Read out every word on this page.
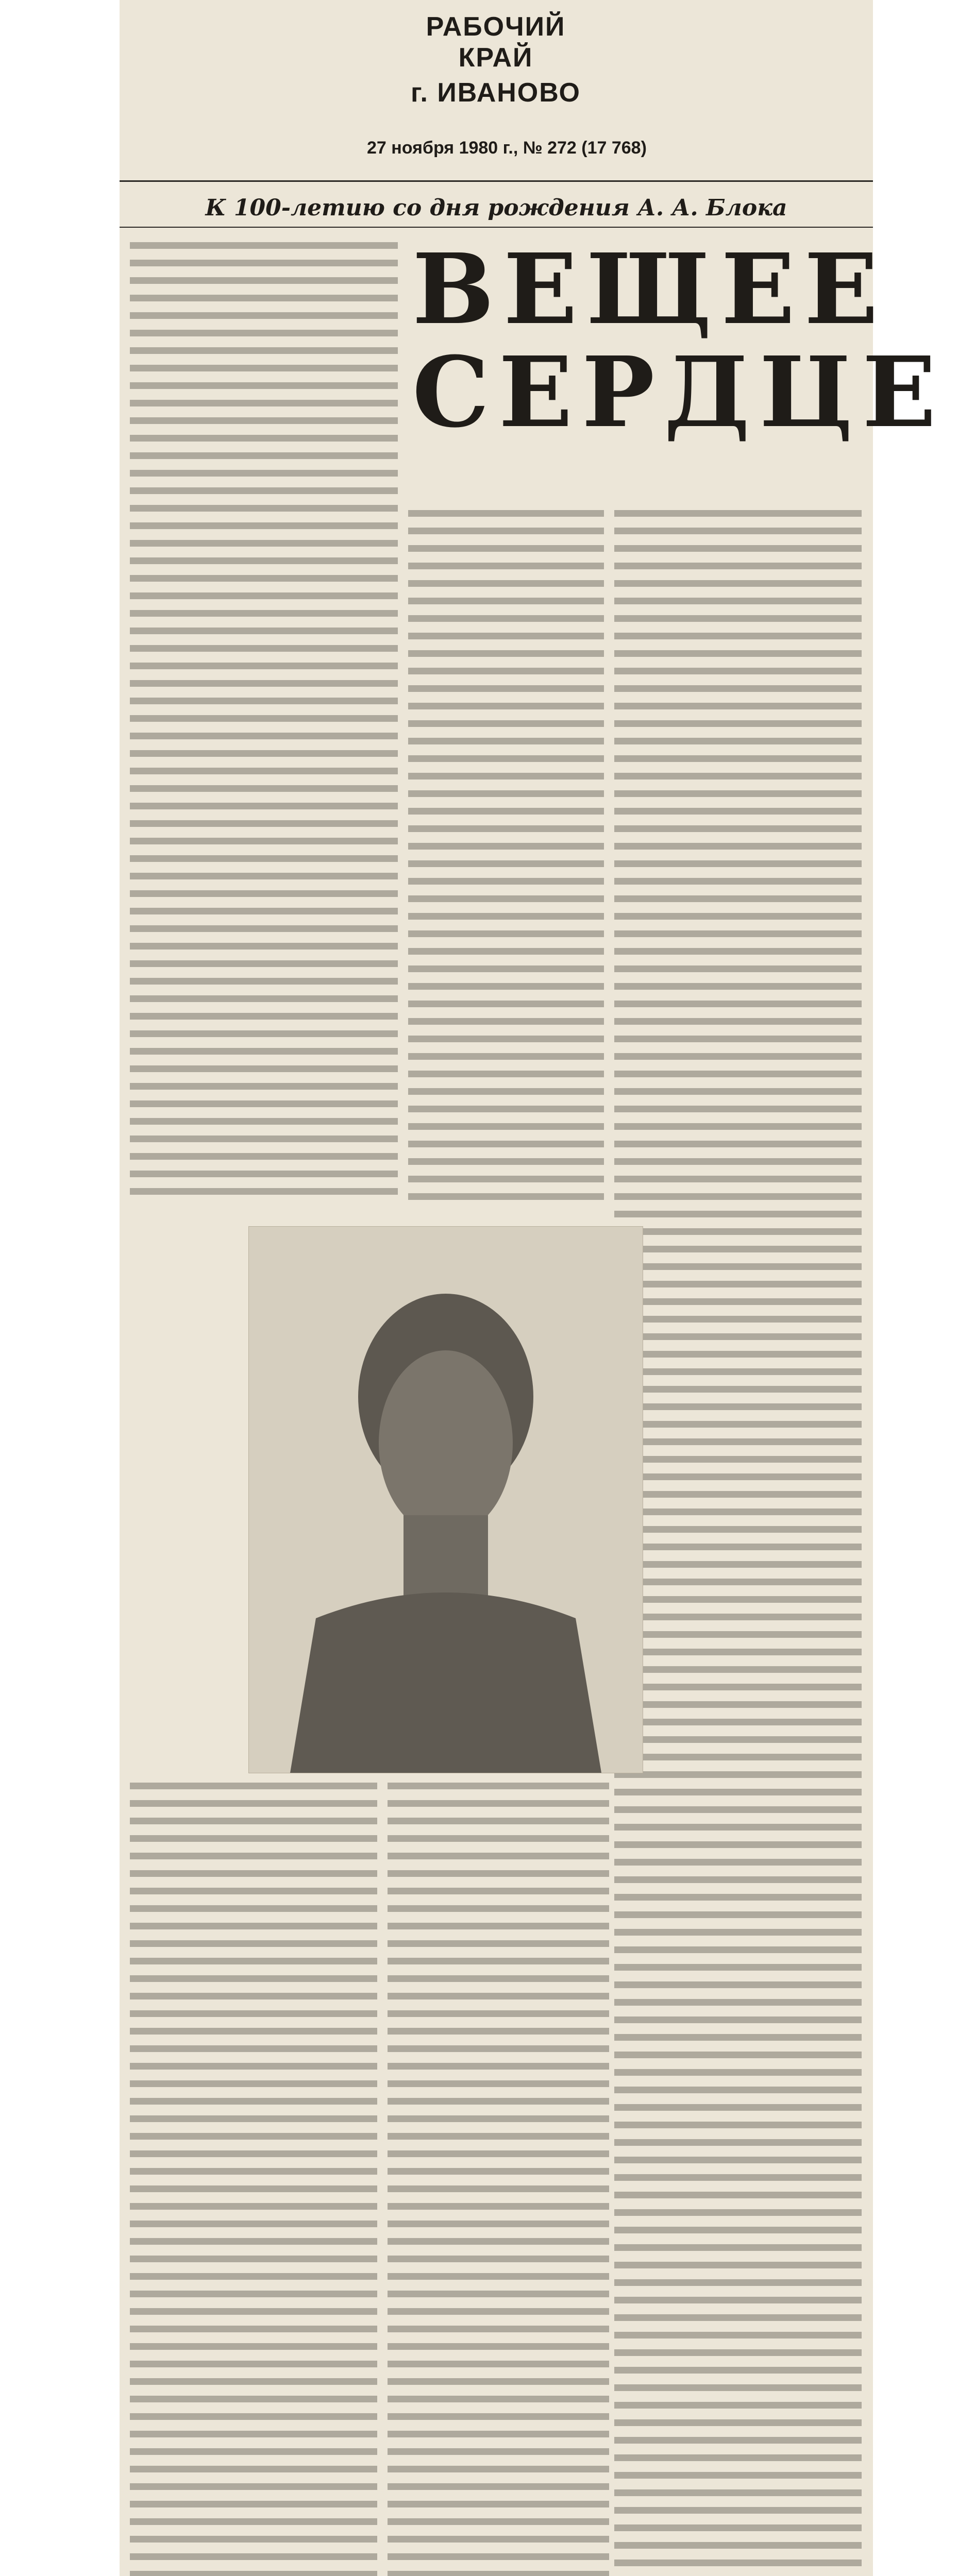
РАБОЧИЙ КРАЙ
г. ИВАНОВО
27 ноября 1980 г., № 272 (17 768)
К 100-летию со дня рождения А. А. Блока
ВЕЩЕЕ
СЕРДЦЕ
